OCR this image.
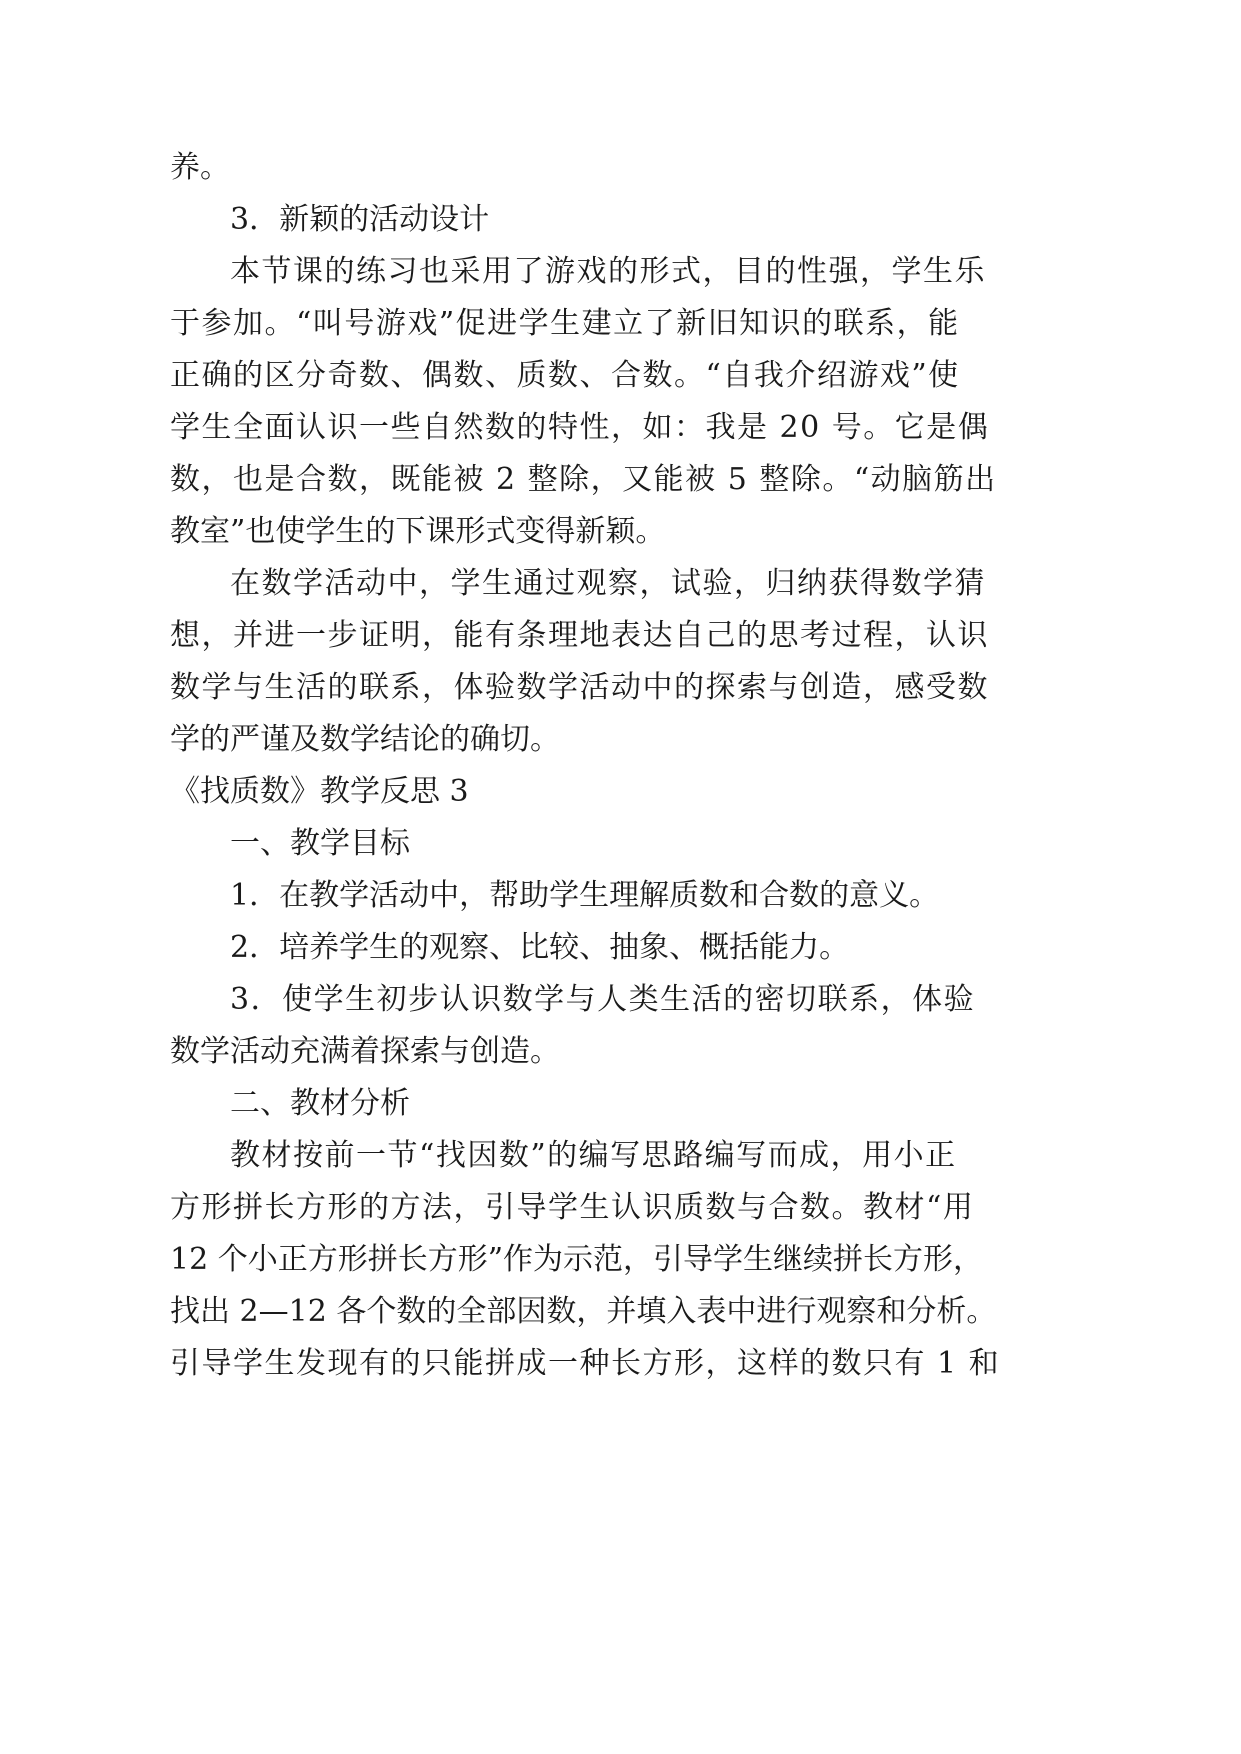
养。
3．新颖的活动设计
本节课的练习也采用了游戏的形式，目的性强，学生乐
于参加。“叫号游戏”促进学生建立了新旧知识的联系，能
正确的区分奇数、偶数、质数、合数。“自我介绍游戏”使
学生全面认识一些自然数的特性，如：我是 20 号。它是偶
数，也是合数，既能被 2 整除，又能被 5 整除。“动脑筋出
教室”也使学生的下课形式变得新颖。
在数学活动中，学生通过观察，试验，归纳获得数学猜
想，并进一步证明，能有条理地表达自己的思考过程，认识
数学与生活的联系，体验数学活动中的探索与创造，感受数
学的严谨及数学结论的确切。
《找质数》教学反思 3
一、教学目标
1．在教学活动中，帮助学生理解质数和合数的意义。
2．培养学生的观察、比较、抽象、概括能力。
3．使学生初步认识数学与人类生活的密切联系，体验
数学活动充满着探索与创造。
二、教材分析
教材按前一节“找因数”的编写思路编写而成，用小正
方形拼长方形的方法，引导学生认识质数与合数。教材“用
12 个小正方形拼长方形”作为示范，引导学生继续拼长方形，
找出 2—12 各个数的全部因数，并填入表中进行观察和分析。
引导学生发现有的只能拼成一种长方形，这样的数只有 1 和
